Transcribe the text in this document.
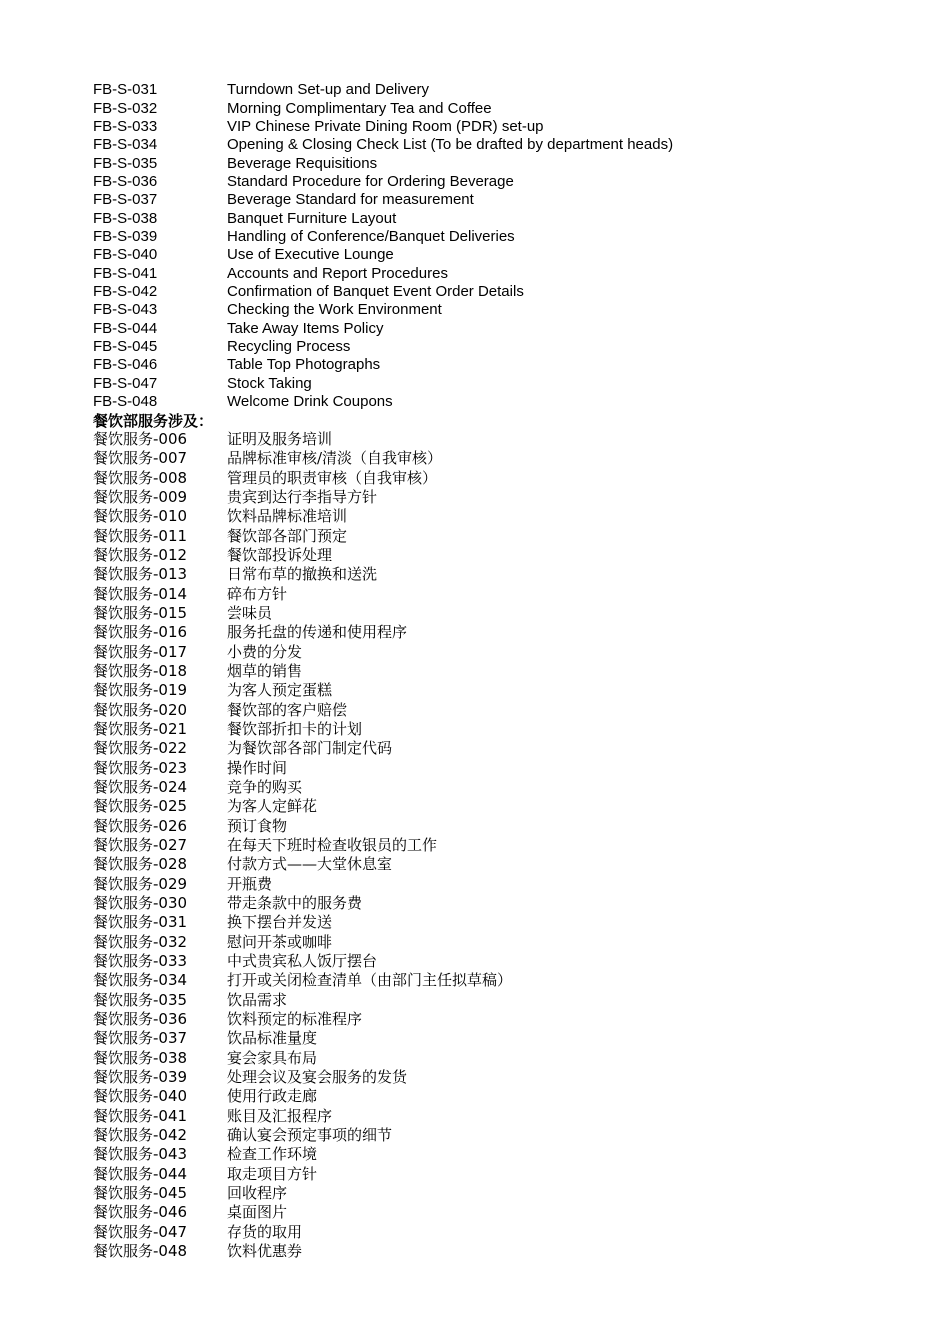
FB-S-031	Turndown Set-up and Delivery
FB-S-032	Morning Complimentary Tea and Coffee
FB-S-033	VIP Chinese Private Dining Room (PDR) set-up
FB-S-034	Opening & Closing Check List (To be drafted by department heads)
FB-S-035	Beverage Requisitions
FB-S-036	Standard Procedure for Ordering Beverage
FB-S-037	Beverage Standard for measurement
FB-S-038	Banquet Furniture Layout
FB-S-039	Handling of Conference/Banquet Deliveries
FB-S-040	Use of Executive Lounge
FB-S-041	Accounts and Report Procedures
FB-S-042	Confirmation of Banquet Event Order Details
FB-S-043	Checking the Work Environment
FB-S-044	Take Away Items Policy
FB-S-045	Recycling Process
FB-S-046	Table Top Photographs
FB-S-047	Stock Taking
FB-S-048	Welcome Drink Coupons
餐饮部服务涉及：
餐饮服务-006	证明及服务培训
餐饮服务-007	品牌标准审核/清淡（自我审核）
餐饮服务-008	管理员的职责审核（自我审核）
餐饮服务-009	贵宾到达行李指导方针
餐饮服务-010	饮料品牌标准培训
餐饮服务-011	餐饮部各部门预定
餐饮服务-012	餐饮部投诉处理
餐饮服务-013	日常布草的撤换和送洗
餐饮服务-014	碎布方针
餐饮服务-015	尝味员
餐饮服务-016	服务托盘的传递和使用程序
餐饮服务-017	小费的分发
餐饮服务-018	烟草的销售
餐饮服务-019	为客人预定蛋糕
餐饮服务-020	餐饮部的客户赔偿
餐饮服务-021	餐饮部折扣卡的计划
餐饮服务-022	为餐饮部各部门制定代码
餐饮服务-023	操作时间
餐饮服务-024	竞争的购买
餐饮服务-025	为客人定鲜花
餐饮服务-026	预订食物
餐饮服务-027	在每天下班时检查收银员的工作
餐饮服务-028	付款方式——大堂休息室
餐饮服务-029	开瓶费
餐饮服务-030	带走条款中的服务费
餐饮服务-031	换下摆台并发送
餐饮服务-032	慰问开茶或咖啡
餐饮服务-033	中式贵宾私人饭厅摆台
餐饮服务-034	打开或关闭检查清单（由部门主任拟草稿）
餐饮服务-035	饮品需求
餐饮服务-036	饮料预定的标准程序
餐饮服务-037	饮品标准量度
餐饮服务-038	宴会家具布局
餐饮服务-039	处理会议及宴会服务的发货
餐饮服务-040	使用行政走廊
餐饮服务-041	账目及汇报程序
餐饮服务-042	确认宴会预定事项的细节
餐饮服务-043	检查工作环境
餐饮服务-044	取走项目方针
餐饮服务-045	回收程序
餐饮服务-046	桌面图片
餐饮服务-047	存货的取用
餐饮服务-048	饮料优惠券
